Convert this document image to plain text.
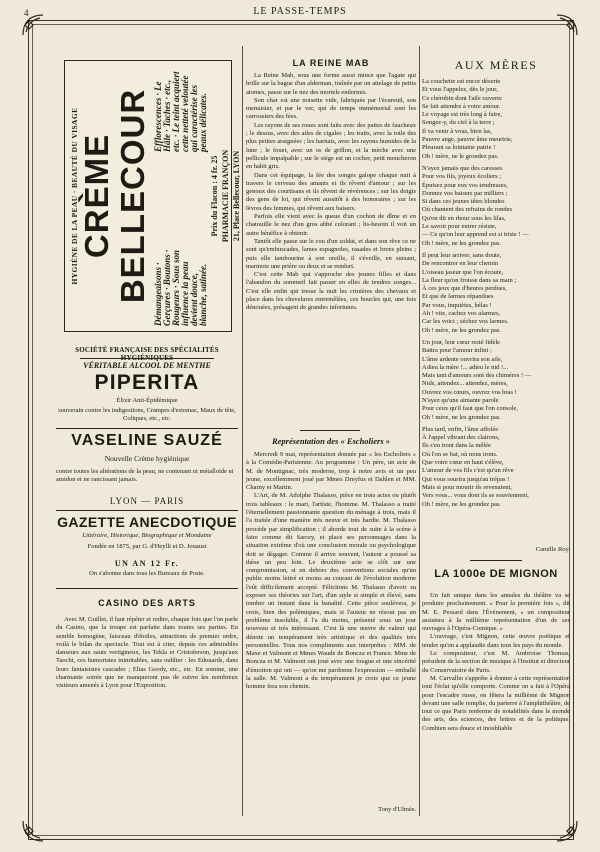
4	LE PASSE-TEMPS
HYGIÈNE DE LA PEAU · BEAUTÉ DU VISAGE CRÈME BELLECOUR Démangeaisons · Gerçures · Boutons · Rougeurs · Sous son influence la peau devient douce, blanche, satinée.
Efflorescences · Le Hâle · Taches · etc., etc. · Le teint acquiert cette netteté veloutée qui caractérise les peaux délicates.
Prix du Flacon : 4 fr. 25 PHARMACIE FRANÇON 21, Place Bellecour, LYON
SOCIÉTÉ FRANÇAISE DES SPÉCIALITÉS HYGIÉNIQUES
VÉRITABLE ALCOOL DE MENTHE
PIPERITA
Élixir Anti-Épidémique
souverain contre les indigestions, Crampes d'estomac, Maux de tête, Coliques, etc., etc.
VASELINE SAUZÉ
Nouvelle Crème hygiénique
contre toutes les altérations de la peau, ne contenant ni métalloïde ni amidon et ne rancissant jamais.
LYON — PARIS
GAZETTE ANECDOTIQUE
Littéraire, Historique, Biographique et Mondaine
Fondée en 1875, par G. d'Heylli et D. Jouaust
UN AN 12 Fr.
On s'abonne dans tous les Bureaux de Poste.
CASINO DES ARTS
Avec M. Guillet, il faut répéter et redire, chaque fois que l'on parle du Casino, que la troupe est parfaite dans toutes ses parties. En semble homogène, faisceau d'étoiles, attractions de premier ordre, voilà le bilan du spectacle. Tout est à citer, depuis ces admirables danseurs aux sauts vertigineux, les Tekla et Cristoferson, jusqu'aux Taochi, ces humoristes inimitables, sans oublier : les Edouards, dans leurs fantaisistes cascades ; Elias Goody, etc., etc. En somme, une charmante soirée que ne manqueront pas de suivre les nombreux visiteurs amenés à Lyon pour l'Exposition.
LA REINE MAB

La Reine Mab, sous une forme aussi mince que l'agate qui brille sur la bague d'un alderman, traînée par un attelage de petits atomes, passe sur le nez des mortels endormis.

Son char est une noisette vide, fabriquée par l'écureuil, son menuisier, et par le ver, qui de temps immémorial sont les carrossiers des fées.

Les rayons de ses roues sont faits avec des pattes de faucheux ; le dessus, avec des ailes de cigales ; les traits, avec la toile des plus petites araignées ; les harnais, avec les rayons humides de la lune ; le fouet, avec un os de grillon, et la mèche avec une pellicule impalpable ; sur le siège est un cocher, petit moucheron en habit gris.

Dans cet équipage, la fée des songes galope chaque nuit à travers le cerveau des amants et ils rêvent d'amour ; sur les genoux des courtisans et ils rêvent de révérences ; sur les doigts des gens de loi, qui rêvent aussitôt à des honoraires ; sur les lèvres des femmes, qui rêvent aux baisers.

Parfois elle vient avec la queue d'un cochon de dîme et en chatouille le nez d'un gros abbé colorant ; lis-besoin il voit un autre bénéfice à obtenir.

Tantôt elle passe sur le cou d'un soldat, et dans son rêve ce ne sont qu'embuscades, lames espagnoles, rasades et broes pleins ; puis elle tambourine à son oreille, il s'éveille, en sursaut, marmote une prière ou deux et se rendort.

C'est cette Mab qui s'approche des jeunes filles et dans l'abandon du sommeil fait passer en elles de tendres songes... C'est elle enfin qui tresse la nuit les crinières des chevaux et place dans les chevelures entremêlées, ces boucles qui, une fois dénouées, présagent de grandes infortunes.

Représentation des « Escholiers »

Mercredi 9 mai, représentation donnée par « les Escholiers » à la Comédie-Parisienne. Au programme : Un père, un acte de M. de Montignac, très moderne, trop à notre avis et un peu jeune, excellemment joué par Mmes Dreyfus et Dahlen et MM. Charny et Martin.

L'Art, de M. Adolphe Thalasso, pièce en trois actes ou plutôt trois tableaux : le mari, l'artiste, l'homme. M. Thalasso a traité l'éternellement passionnante question du ménage à trois, mais il l'a traitée d'une manière très neuve et très hardie. M. Thalasso procède par simplification ; il aborde tout de suite à la scène à faire comme dit Sarcey, et place ses personnages dans la situation extrême d'où une conclusion morale ou psychologique doit se dégager. Comme il arrive souvent, l'auteur a poussé sa thèse un peu loin. Le deuxième acte se clôt sur une compromission, si en dehors des conventions sociales qu'un public moins lettré et moins au courant de l'évolution moderne l'eût difficilement accepté. Félicitons M. Thalasso d'avoir su exposer ses théories sur l'art, d'un style si simple et élevé, sans tomber un instant dans la banalité. Cette pièce soulèvera, je crois, bien des polémiques, mais si l'auteur ne résout pas un problème insoluble, il l'a du moins, présenté sous un jour nouveau et très intéressant. C'est là une œuvre de valeur qui dénote un tempérament très artistique et des qualités très personnelles. Tous nos compliments aux interprètes : MM. de Maxe et Valmont et Mmes Waude de Boncza et France. Mme de Boncza et M. Valmont ont joué avec une fougue et une sincérité d'émotion qui ont — qu'on me pardonne l'expression — emballé la salle. M. Valmont a du tempérament je crois que ce jeune homme fera son chemin.

Tony d'Ulmès.
AUX MÈRES
La couchette est encor déserte
Et vous l'appelez, dès le jour,
Ce chérubin dont l'aile ouverte
Se fait attendre à votre amour.
Le voyage est très long à faire,
Songez-y, du ciel à la terre ;
Il va venir à vous, bien las,
Pauvre ange, pauvre âme meurtrie,
Pleurant sa lointaine patrie !
Oh ! mère, ne le grondez pas.
N'ayez jamais que des caresses
Pour vos fils, joyeux écoliers ;
Épuisez pour eux vos tendresses,
Donnez vos baisers par milliers ;
Si dans ces jeunes têtes blondes
Où chantent des refrains de rondes
Qu'on dit en rhour sous les lilas,
Le savoir pour entrer résiste,
— Ce qu'on leur apprend est si triste ! —
Oh ! mère, ne les grondez pas.
Il peut leur arriver, sans doute,
De rencontrer en leur chemin
L'oiseau jaseur que l'on écoute,
La fleur qu'on froisse dans sa main ;
À ces jeux que d'heures perdues,
Et que de larmes répandues
Par vous, inquiètes, hélas !
Ah ! vite, cachez vos alarmes,
Car les voici ; séchez vos larmes.
Oh ! mère, ne les grondez pas.
Un jour, leur cœur resté fidèle
Battra pour l'amour infini ;
L'âme ardente ouvrira son aile,
Adieu la mère !... adieu le nid !...
Mais tant d'amours sont des chimères ! —
Nids, attendez... attendez, mères,
Ouvrez vos cœurs, ouvrez vos bras !
N'ayez qu'une aimante parole
Pour ceux qu'il faut que l'on console,
Oh ! mère, ne les grondez pas.
Plus tard, enfin, l'âme affolée
À l'appel vibrant des clairons,
Ils s'en iront dans la mêlée
Où l'on se bat, où nous irons.
Que votre cœur en haut s'élève,
L'amour de vos fils c'est qu'un rêve
Qui vous sourira jusqu'au trépas !
Mais si pour mourir ils revenaient,
Vers vous... vous dont ils se souviennent,
Oh ! mère, ne les grondez pas.
Camille Roy.
LA 1000e DE MIGNON

Un fait unique dans les annales du théâtre va se produire prochainement. « Pour la première fois », dit M. E. Pessard dans l'Événement, « un compositeur assistera à la millième représentation d'un de ses ouvrages à l'Opéra-Comique. »

L'ouvrage, c'est Mignon, cette œuvre poétique et tendre qu'on a applaudie dans tous les pays du monde.

Le compositeur, c'est M. Ambroise Thomas, président de la section de musique à l'Institut et directeur du Conservatoire de Paris.

M. Carvalho s'apprête à donner à cette représentation tout l'éclat qu'elle comporte. Comme on a fait à l'Opéra pour l'escadre russe, on fêtera la millième de Mignon devant une salle remplie, du parterre à l'amphithéâtre, de tout ce que Paris renferme de notabilités dans le monde des arts, des sciences, des lettres et de la politique. Combien sera douce et inoubliable
